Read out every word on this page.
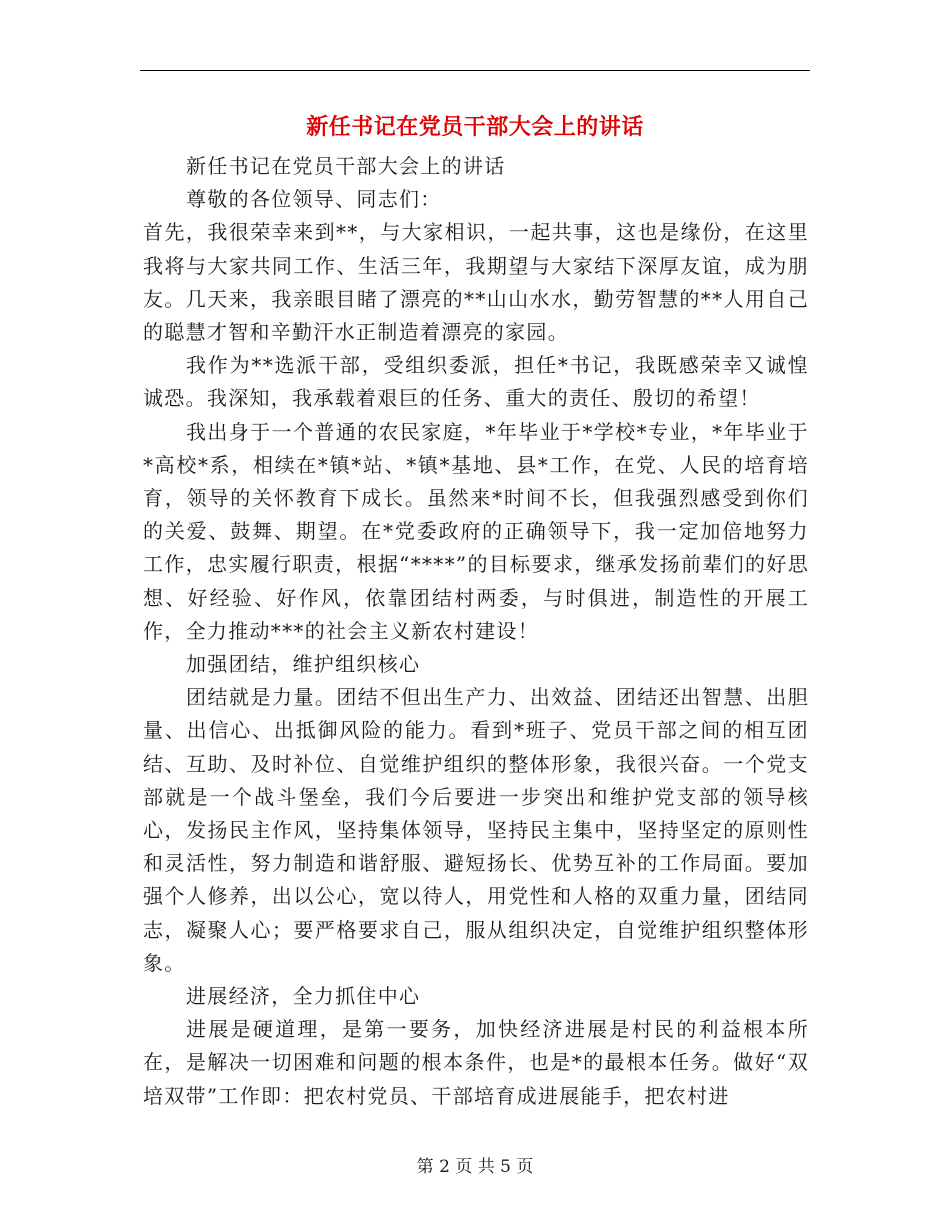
新任书记在党员干部大会上的讲话

新任书记在党员干部大会上的讲话

尊敬的各位领导、同志们：

首先，我很荣幸来到**，与大家相识，一起共事，这也是缘份，在这里我将与大家共同工作、生活三年，我期望与大家结下深厚友谊，成为朋友。几天来，我亲眼目睹了漂亮的**山山水水，勤劳智慧的**人用自己的聪慧才智和辛勤汗水正制造着漂亮的家园。

我作为**选派干部，受组织委派，担任*书记，我既感荣幸又诚惶诚恐。我深知，我承载着艰巨的任务、重大的责任、殷切的希望！

我出身于一个普通的农民家庭，*年毕业于*学校*专业，*年毕业于*高校*系，相续在*镇*站、*镇*基地、县*工作，在党、人民的培育培育，领导的关怀教育下成长。虽然来*时间不长，但我强烈感受到你们的关爱、鼓舞、期望。在*党委政府的正确领导下，我一定加倍地努力工作，忠实履行职责，根据“****”的目标要求，继承发扬前辈们的好思想、好经验、好作风，依靠团结村两委，与时俱进，制造性的开展工作，全力推动***的社会主义新农村建设！

加强团结，维护组织核心

团结就是力量。团结不但出生产力、出效益、团结还出智慧、出胆量、出信心、出抵御风险的能力。看到*班子、党员干部之间的相互团结、互助、及时补位、自觉维护组织的整体形象，我很兴奋。一个党支部就是一个战斗堡垒，我们今后要进一步突出和维护党支部的领导核心，发扬民主作风，坚持集体领导，坚持民主集中，坚持坚定的原则性和灵活性，努力制造和谐舒服、避短扬长、优势互补的工作局面。要加强个人修养，出以公心，宽以待人，用党性和人格的双重力量，团结同志，凝聚人心；要严格要求自己，服从组织决定，自觉维护组织整体形象。

进展经济，全力抓住中心

进展是硬道理，是第一要务，加快经济进展是村民的利益根本所在，是解决一切困难和问题的根本条件，也是*的最根本任务。做好“双培双带”工作即：把农村党员、干部培育成进展能手，把农村进

第 2 页 共 5 页
